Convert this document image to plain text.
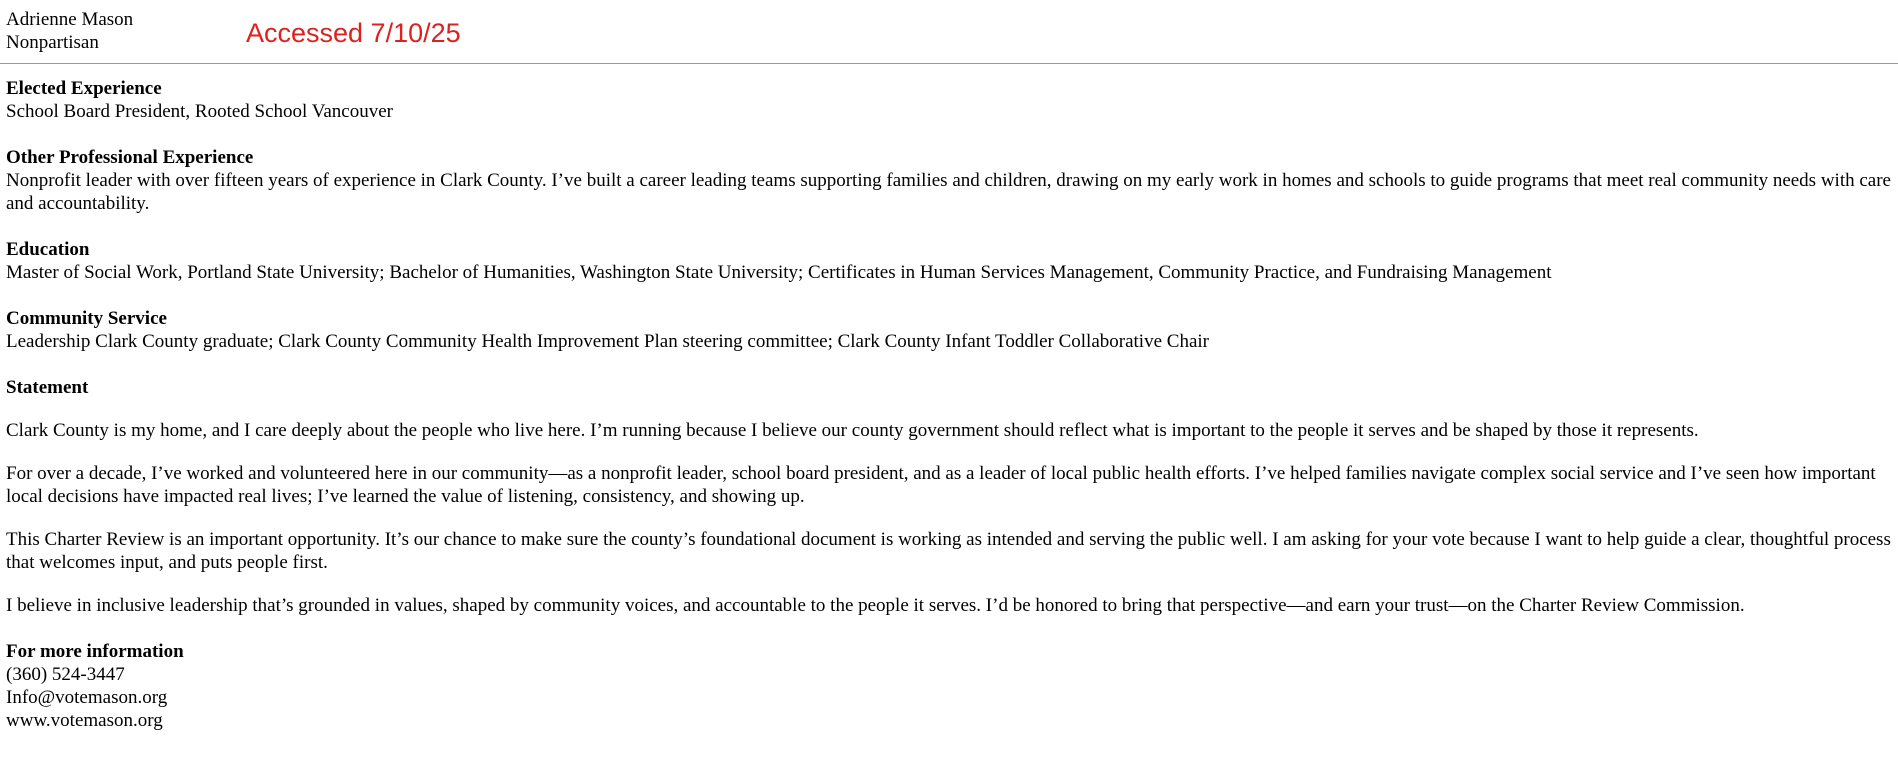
Adrienne Mason
Nonpartisan	Accessed 7/10/25
Elected Experience
School Board President, Rooted School Vancouver
Other Professional Experience
Nonprofit leader with over fifteen years of experience in Clark County. I’ve built a career leading teams supporting families and children, drawing on my early work in homes and schools to guide programs that meet real community needs with care and accountability.
Education
Master of Social Work, Portland State University; Bachelor of Humanities, Washington State University; Certificates in Human Services Management, Community Practice, and Fundraising Management
Community Service
Leadership Clark County graduate; Clark County Community Health Improvement Plan steering committee; Clark County Infant Toddler Collaborative Chair
Statement

Clark County is my home, and I care deeply about the people who live here. I’m running because I believe our county government should reflect what is important to the people it serves and be shaped by those it represents.

For over a decade, I’ve worked and volunteered here in our community—as a nonprofit leader, school board president, and as a leader of local public health efforts. I’ve helped families navigate complex social service and I’ve seen how important local decisions have impacted real lives; I’ve learned the value of listening, consistency, and showing up.

This Charter Review is an important opportunity. It’s our chance to make sure the county’s foundational document is working as intended and serving the public well. I am asking for your vote because I want to help guide a clear, thoughtful process that welcomes input, and puts people first.

I believe in inclusive leadership that’s grounded in values, shaped by community voices, and accountable to the people it serves. I’d be honored to bring that perspective—and earn your trust—on the Charter Review Commission.

For more information
(360) 524-3447
Info@votemason.org
www.votemason.org
